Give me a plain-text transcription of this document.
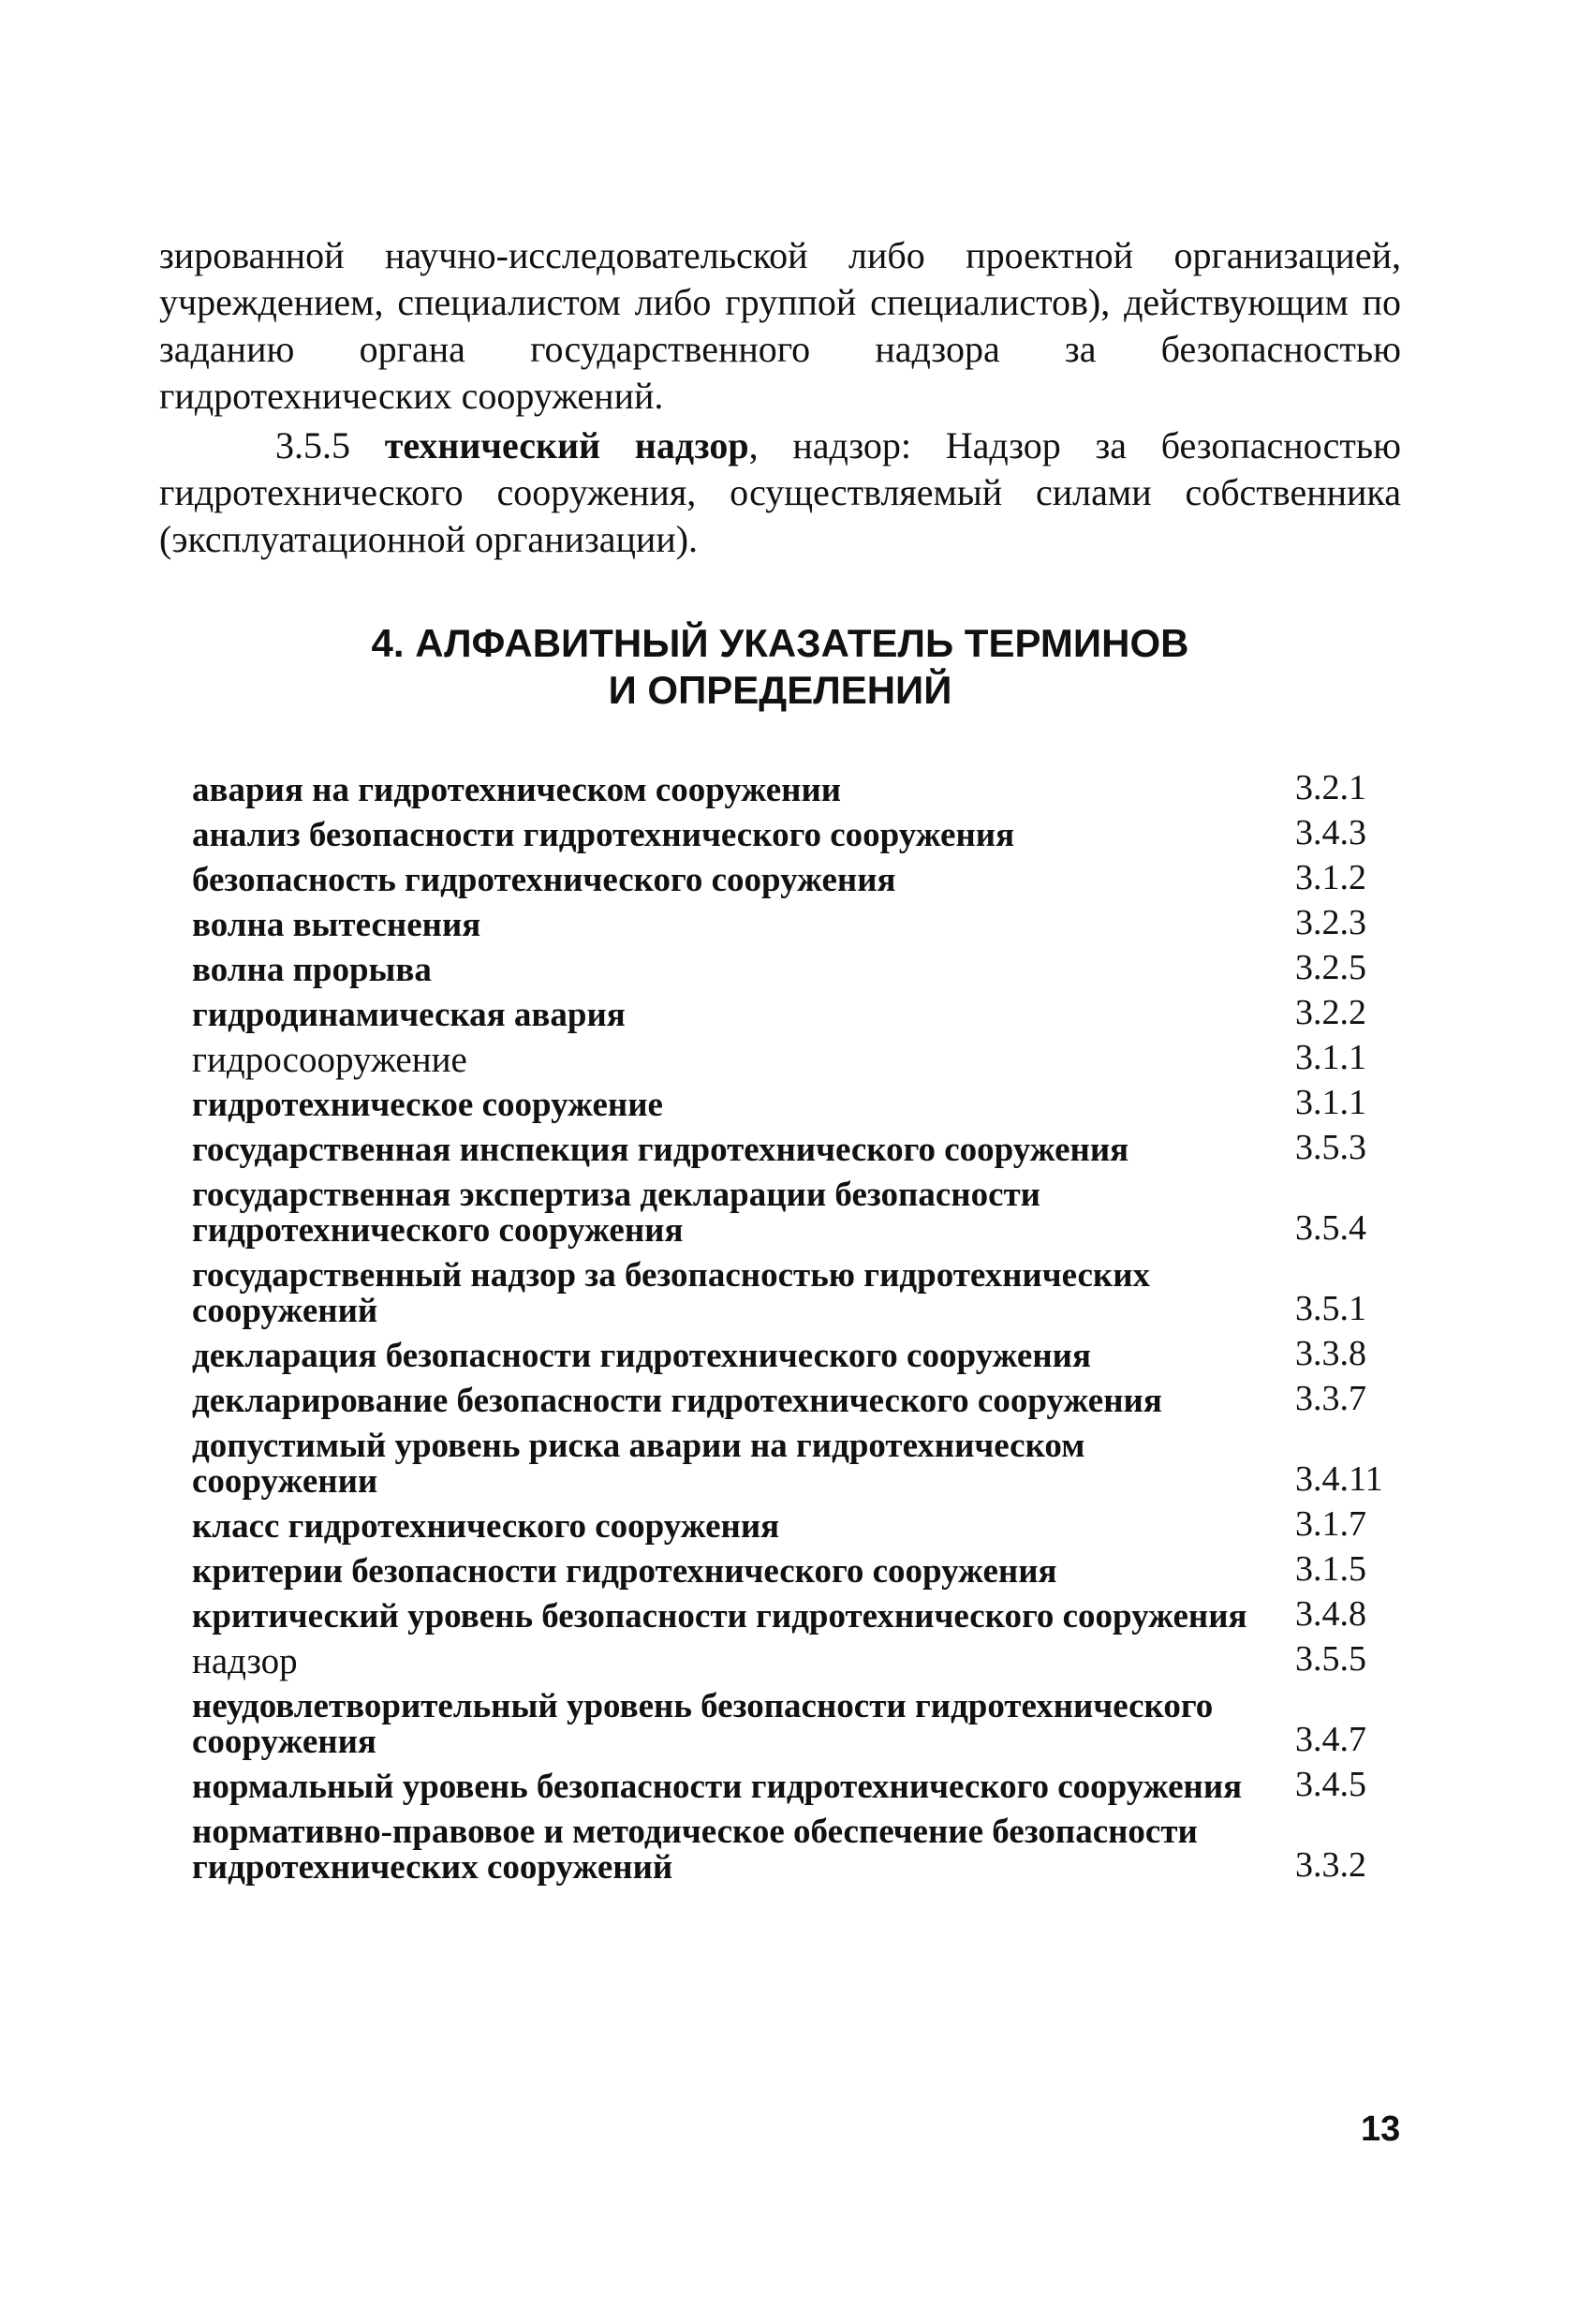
зированной научно-исследовательской либо проектной организацией, учреждением, специалистом либо группой специалистов), действующим по заданию органа государственного надзора за безопасностью гидротехнических сооружений.

3.5.5 технический надзор, надзор: Надзор за безопасностью гидротехнического сооружения, осуществляемый силами собственника (эксплуатационной организации).

4. АЛФАВИТНЫЙ УКАЗАТЕЛЬ ТЕРМИНОВ
И ОПРЕДЕЛЕНИЙ
авария на гидротехническом сооружении	3.2.1
анализ безопасности гидротехнического сооружения	3.4.3
безопасность гидротехнического сооружения	3.1.2
волна вытеснения	3.2.3
волна прорыва	3.2.5
гидродинамическая авария	3.2.2
гидросооружение	3.1.1
гидротехническое сооружение	3.1.1
государственная инспекция гидротехнического сооружения	3.5.3
государственная экспертиза декларации безопасности гидротехнического сооружения	3.5.4
государственный надзор за безопасностью гидротехнических сооружений	3.5.1
декларация безопасности гидротехнического сооружения	3.3.8
декларирование безопасности гидротехнического сооружения	3.3.7
допустимый уровень риска аварии на гидротехническом сооружении	3.4.11
класс гидротехнического сооружения	3.1.7
критерии безопасности гидротехнического сооружения	3.1.5
критический уровень безопасности гидротехнического сооружения	3.4.8
надзор	3.5.5
неудовлетворительный уровень безопасности гидротехнического сооружения	3.4.7
нормальный уровень безопасности гидротехнического сооружения	3.4.5
нормативно-правовое и методическое обеспечение безопасности гидротехнических сооружений	3.3.2
13
